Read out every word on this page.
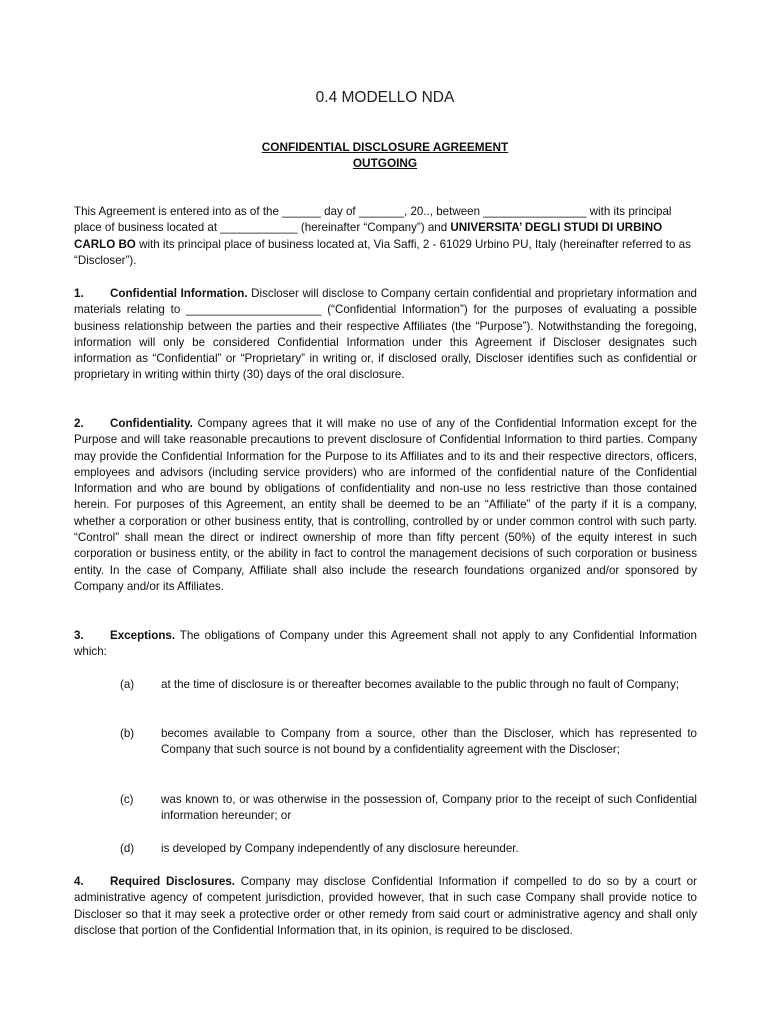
0.4 MODELLO NDA
CONFIDENTIAL DISCLOSURE AGREEMENT
OUTGOING

This Agreement is entered into as of the ______ day of _______, 20.., between ________________ with its principal place of business located at ____________ (hereinafter “Company”) and UNIVERSITA’ DEGLI STUDI DI URBINO CARLO BO with its principal place of business located at, Via Saffi, 2 - 61029 Urbino PU, Italy (hereinafter referred to as “Discloser”).

1. Confidential Information. Discloser will disclose to Company certain confidential and proprietary information and materials relating to _____________________ (“Confidential Information”) for the purposes of evaluating a possible business relationship between the parties and their respective Affiliates (the “Purpose”). Notwithstanding the foregoing, information will only be considered Confidential Information under this Agreement if Discloser designates such information as “Confidential” or “Proprietary” in writing or, if disclosed orally, Discloser identifies such as confidential or proprietary in writing within thirty (30) days of the oral disclosure.

2. Confidentiality. Company agrees that it will make no use of any of the Confidential Information except for the Purpose and will take reasonable precautions to prevent disclosure of Confidential Information to third parties. Company may provide the Confidential Information for the Purpose to its Affiliates and to its and their respective directors, officers, employees and advisors (including service providers) who are informed of the confidential nature of the Confidential Information and who are bound by obligations of confidentiality and non-use no less restrictive than those contained herein. For purposes of this Agreement, an entity shall be deemed to be an “Affiliate” of the party if it is a company, whether a corporation or other business entity, that is controlling, controlled by or under common control with such party. “Control” shall mean the direct or indirect ownership of more than fifty percent (50%) of the equity interest in such corporation or business entity, or the ability in fact to control the management decisions of such corporation or business entity. In the case of Company, Affiliate shall also include the research foundations organized and/or sponsored by Company and/or its Affiliates.

3. Exceptions. The obligations of Company under this Agreement shall not apply to any Confidential Information which:

(a) at the time of disclosure is or thereafter becomes available to the public through no fault of Company;
(b) becomes available to Company from a source, other than the Discloser, which has represented to Company that such source is not bound by a confidentiality agreement with the Discloser;
(c) was known to, or was otherwise in the possession of, Company prior to the receipt of such Confidential information hereunder; or
(d) is developed by Company independently of any disclosure hereunder.

4. Required Disclosures. Company may disclose Confidential Information if compelled to do so by a court or administrative agency of competent jurisdiction, provided however, that in such case Company shall provide notice to Discloser so that it may seek a protective order or other remedy from said court or administrative agency and shall only disclose that portion of the Confidential Information that, in its opinion, is required to be disclosed.
